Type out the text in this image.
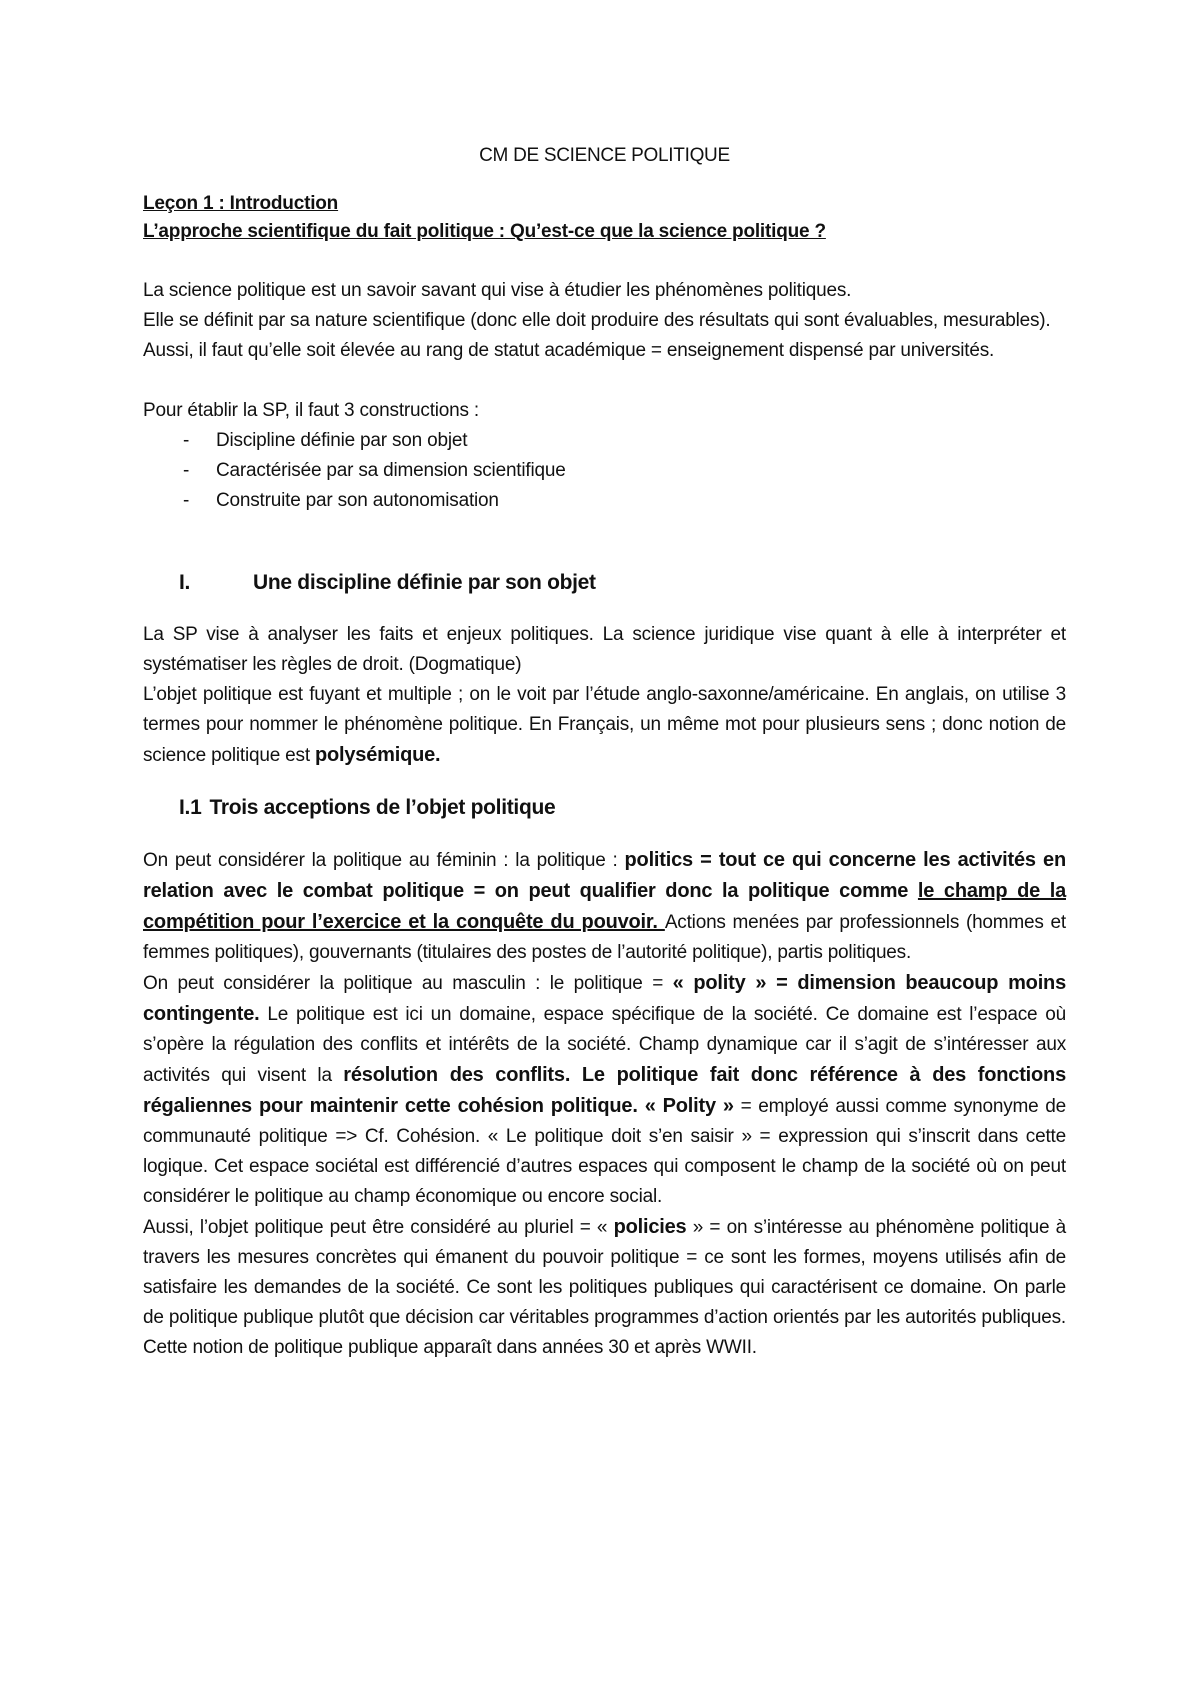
CM DE SCIENCE POLITIQUE

Leçon 1 : Introduction

L’approche scientifique du fait politique : Qu’est-ce que la science politique ?

La science politique est un savoir savant qui vise à étudier les phénomènes politiques.

Elle se définit par sa nature scientifique (donc elle doit produire des résultats qui sont évaluables, mesurables).

Aussi, il faut qu’elle soit élevée au rang de statut académique = enseignement dispensé par universités.

Pour établir la SP, il faut 3 constructions :

- Discipline définie par son objet
- Caractérisée par sa dimension scientifique
- Construite par son autonomisation
I.	Une discipline définie par son objet

La SP vise à analyser les faits et enjeux politiques. La science juridique vise quant à elle à interpréter et systématiser les règles de droit. (Dogmatique)

L’objet politique est fuyant et multiple ; on le voit par l’étude anglo-saxonne/américaine. En anglais, on utilise 3 termes pour nommer le phénomène politique. En Français, un même mot pour plusieurs sens ; donc notion de science politique est polysémique.

I.1 Trois acceptions de l’objet politique

On peut considérer la politique au féminin : la politique : politics = tout ce qui concerne les activités en relation avec le combat politique = on peut qualifier donc la politique comme le champ de la compétition pour l’exercice et la conquête du pouvoir. Actions menées par professionnels (hommes et femmes politiques), gouvernants (titulaires des postes de l’autorité politique), partis politiques.

On peut considérer la politique au masculin : le politique = « polity » = dimension beaucoup moins contingente. Le politique est ici un domaine, espace spécifique de la société. Ce domaine est l’espace où s’opère la régulation des conflits et intérêts de la société. Champ dynamique car il s’agit de s’intéresser aux activités qui visent la résolution des conflits. Le politique fait donc référence à des fonctions régaliennes pour maintenir cette cohésion politique. « Polity » = employé aussi comme synonyme de communauté politique => Cf. Cohésion. « Le politique doit s’en saisir » = expression qui s’inscrit dans cette logique. Cet espace sociétal est différencié d’autres espaces qui composent le champ de la société où on peut considérer le politique au champ économique ou encore social.

Aussi, l’objet politique peut être considéré au pluriel = « policies » = on s’intéresse au phénomène politique à travers les mesures concrètes qui émanent du pouvoir politique = ce sont les formes, moyens utilisés afin de satisfaire les demandes de la société. Ce sont les politiques publiques qui caractérisent ce domaine. On parle de politique publique plutôt que décision car véritables programmes d’action orientés par les autorités publiques. Cette notion de politique publique apparaît dans années 30 et après WWII.
